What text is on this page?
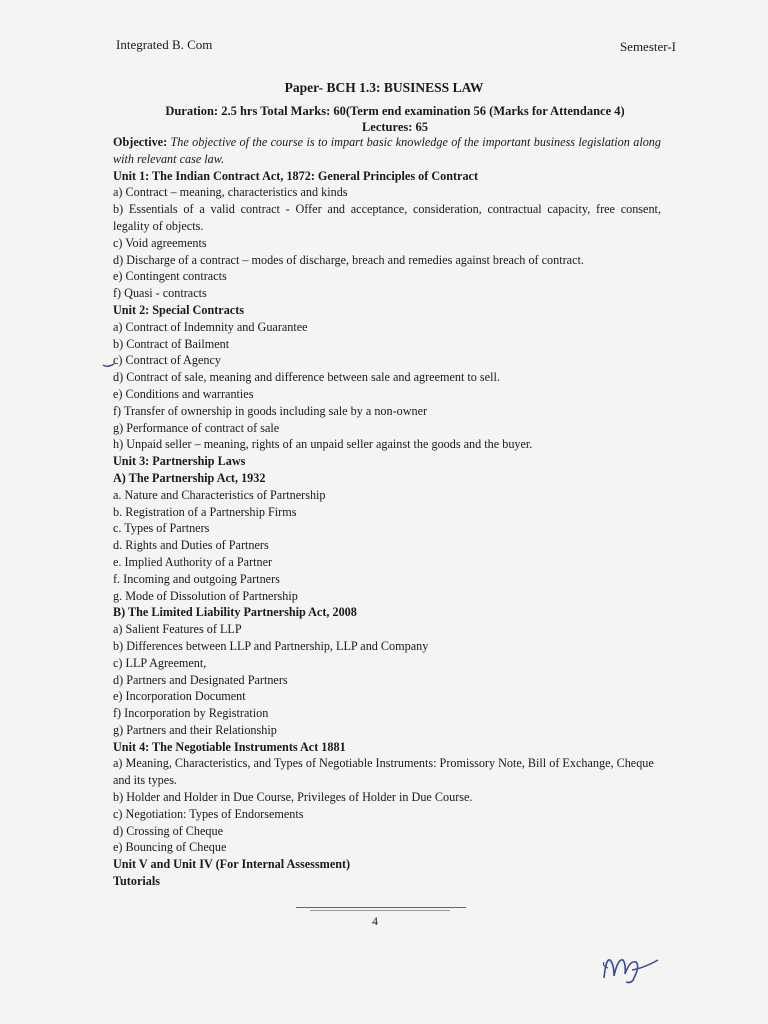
Integrated B. Com	Semester-I
Paper- BCH 1.3: BUSINESS LAW
Duration: 2.5 hrs Total Marks: 60(Term end examination 56 (Marks for Attendance 4)
Lectures: 65

Objective: The objective of the course is to impart basic knowledge of the important business legislation along with relevant case law.

Unit 1: The Indian Contract Act, 1872: General Principles of Contract

a) Contract – meaning, characteristics and kinds

b) Essentials of a valid contract - Offer and acceptance, consideration, contractual capacity, free consent, legality of objects.

c) Void agreements

d) Discharge of a contract – modes of discharge, breach and remedies against breach of contract.

e) Contingent contracts

f) Quasi - contracts

Unit 2: Special Contracts

a) Contract of Indemnity and Guarantee

b) Contract of Bailment

c) Contract of Agency

d) Contract of sale, meaning and difference between sale and agreement to sell.

e) Conditions and warranties

f) Transfer of ownership in goods including sale by a non-owner

g) Performance of contract of sale

h) Unpaid seller – meaning, rights of an unpaid seller against the goods and the buyer.

Unit 3: Partnership Laws

A) The Partnership Act, 1932

a. Nature and Characteristics of Partnership

b. Registration of a Partnership Firms

c. Types of Partners

d. Rights and Duties of Partners

e. Implied Authority of a Partner

f. Incoming and outgoing Partners

g. Mode of Dissolution of Partnership

B) The Limited Liability Partnership Act, 2008

a) Salient Features of LLP

b) Differences between LLP and Partnership, LLP and Company

c) LLP Agreement,

d) Partners and Designated Partners

e) Incorporation Document

f) Incorporation by Registration

g) Partners and their Relationship

Unit 4: The Negotiable Instruments Act 1881

a) Meaning, Characteristics, and Types of Negotiable Instruments: Promissory Note, Bill of Exchange, Cheque and its types.

b) Holder and Holder in Due Course, Privileges of Holder in Due Course.

c) Negotiation: Types of Endorsements

d) Crossing of Cheque

e) Bouncing of Cheque

Unit V and Unit IV (For Internal Assessment)

Tutorials

4
